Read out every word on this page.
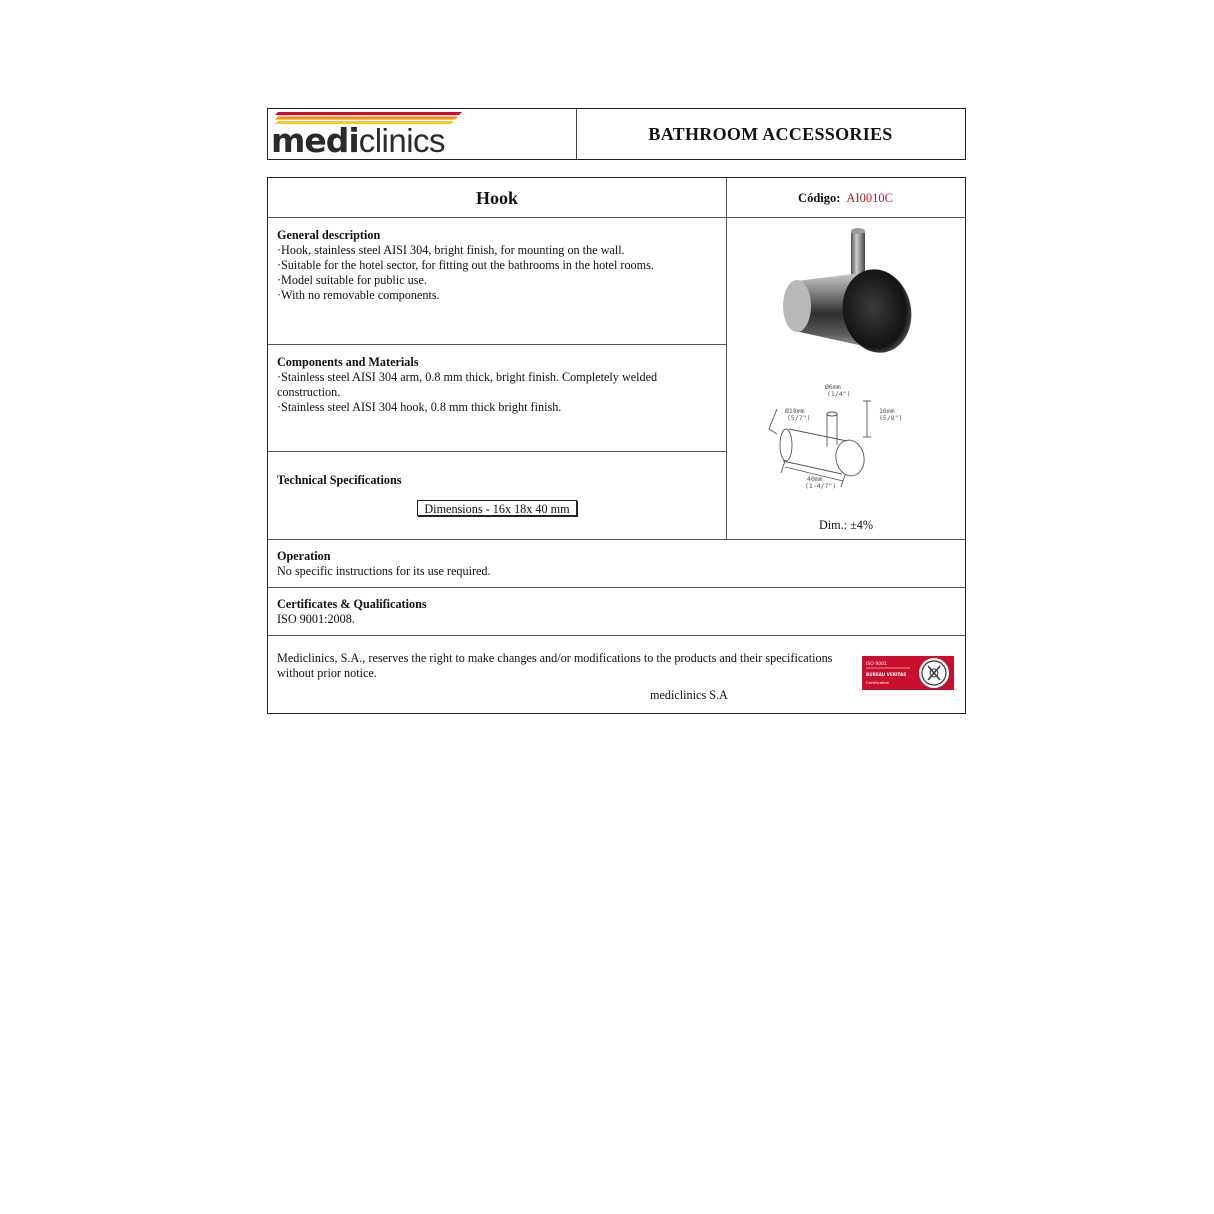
mediclinics	BATHROOM ACCESSORIES
Hook	Código: AI0010C
General description
·Hook, stainless steel AISI 304, bright finish, for mounting on the wall.
·Suitable for the hotel sector, for fitting out the bathrooms in the hotel rooms.
·Model suitable for public use.
·With no removable components.
Components and Materials
·Stainless steel AISI 304 arm, 0.8 mm thick, bright finish. Completely welded
construction.
·Stainless steel AISI 304 hook, 0.8 mm thick bright finish.
Technical Specifications
Dimensions - 16x 18x 40 mm
Ø6mm
(1/4")
Ø18mm
(5/7")
16mm
(5/8")
40mm
(1-4/7")
Dim.: ±4%
Operation
No specific instructions for its use required.
Certificates & Qualifications
ISO 9001:2008.
Mediclinics, S.A., reserves the right to make changes and/or modifications to the products and their specifications
without prior notice.
mediclinics S.A
ISO 9001
BUREAU VERITAS
Certification
